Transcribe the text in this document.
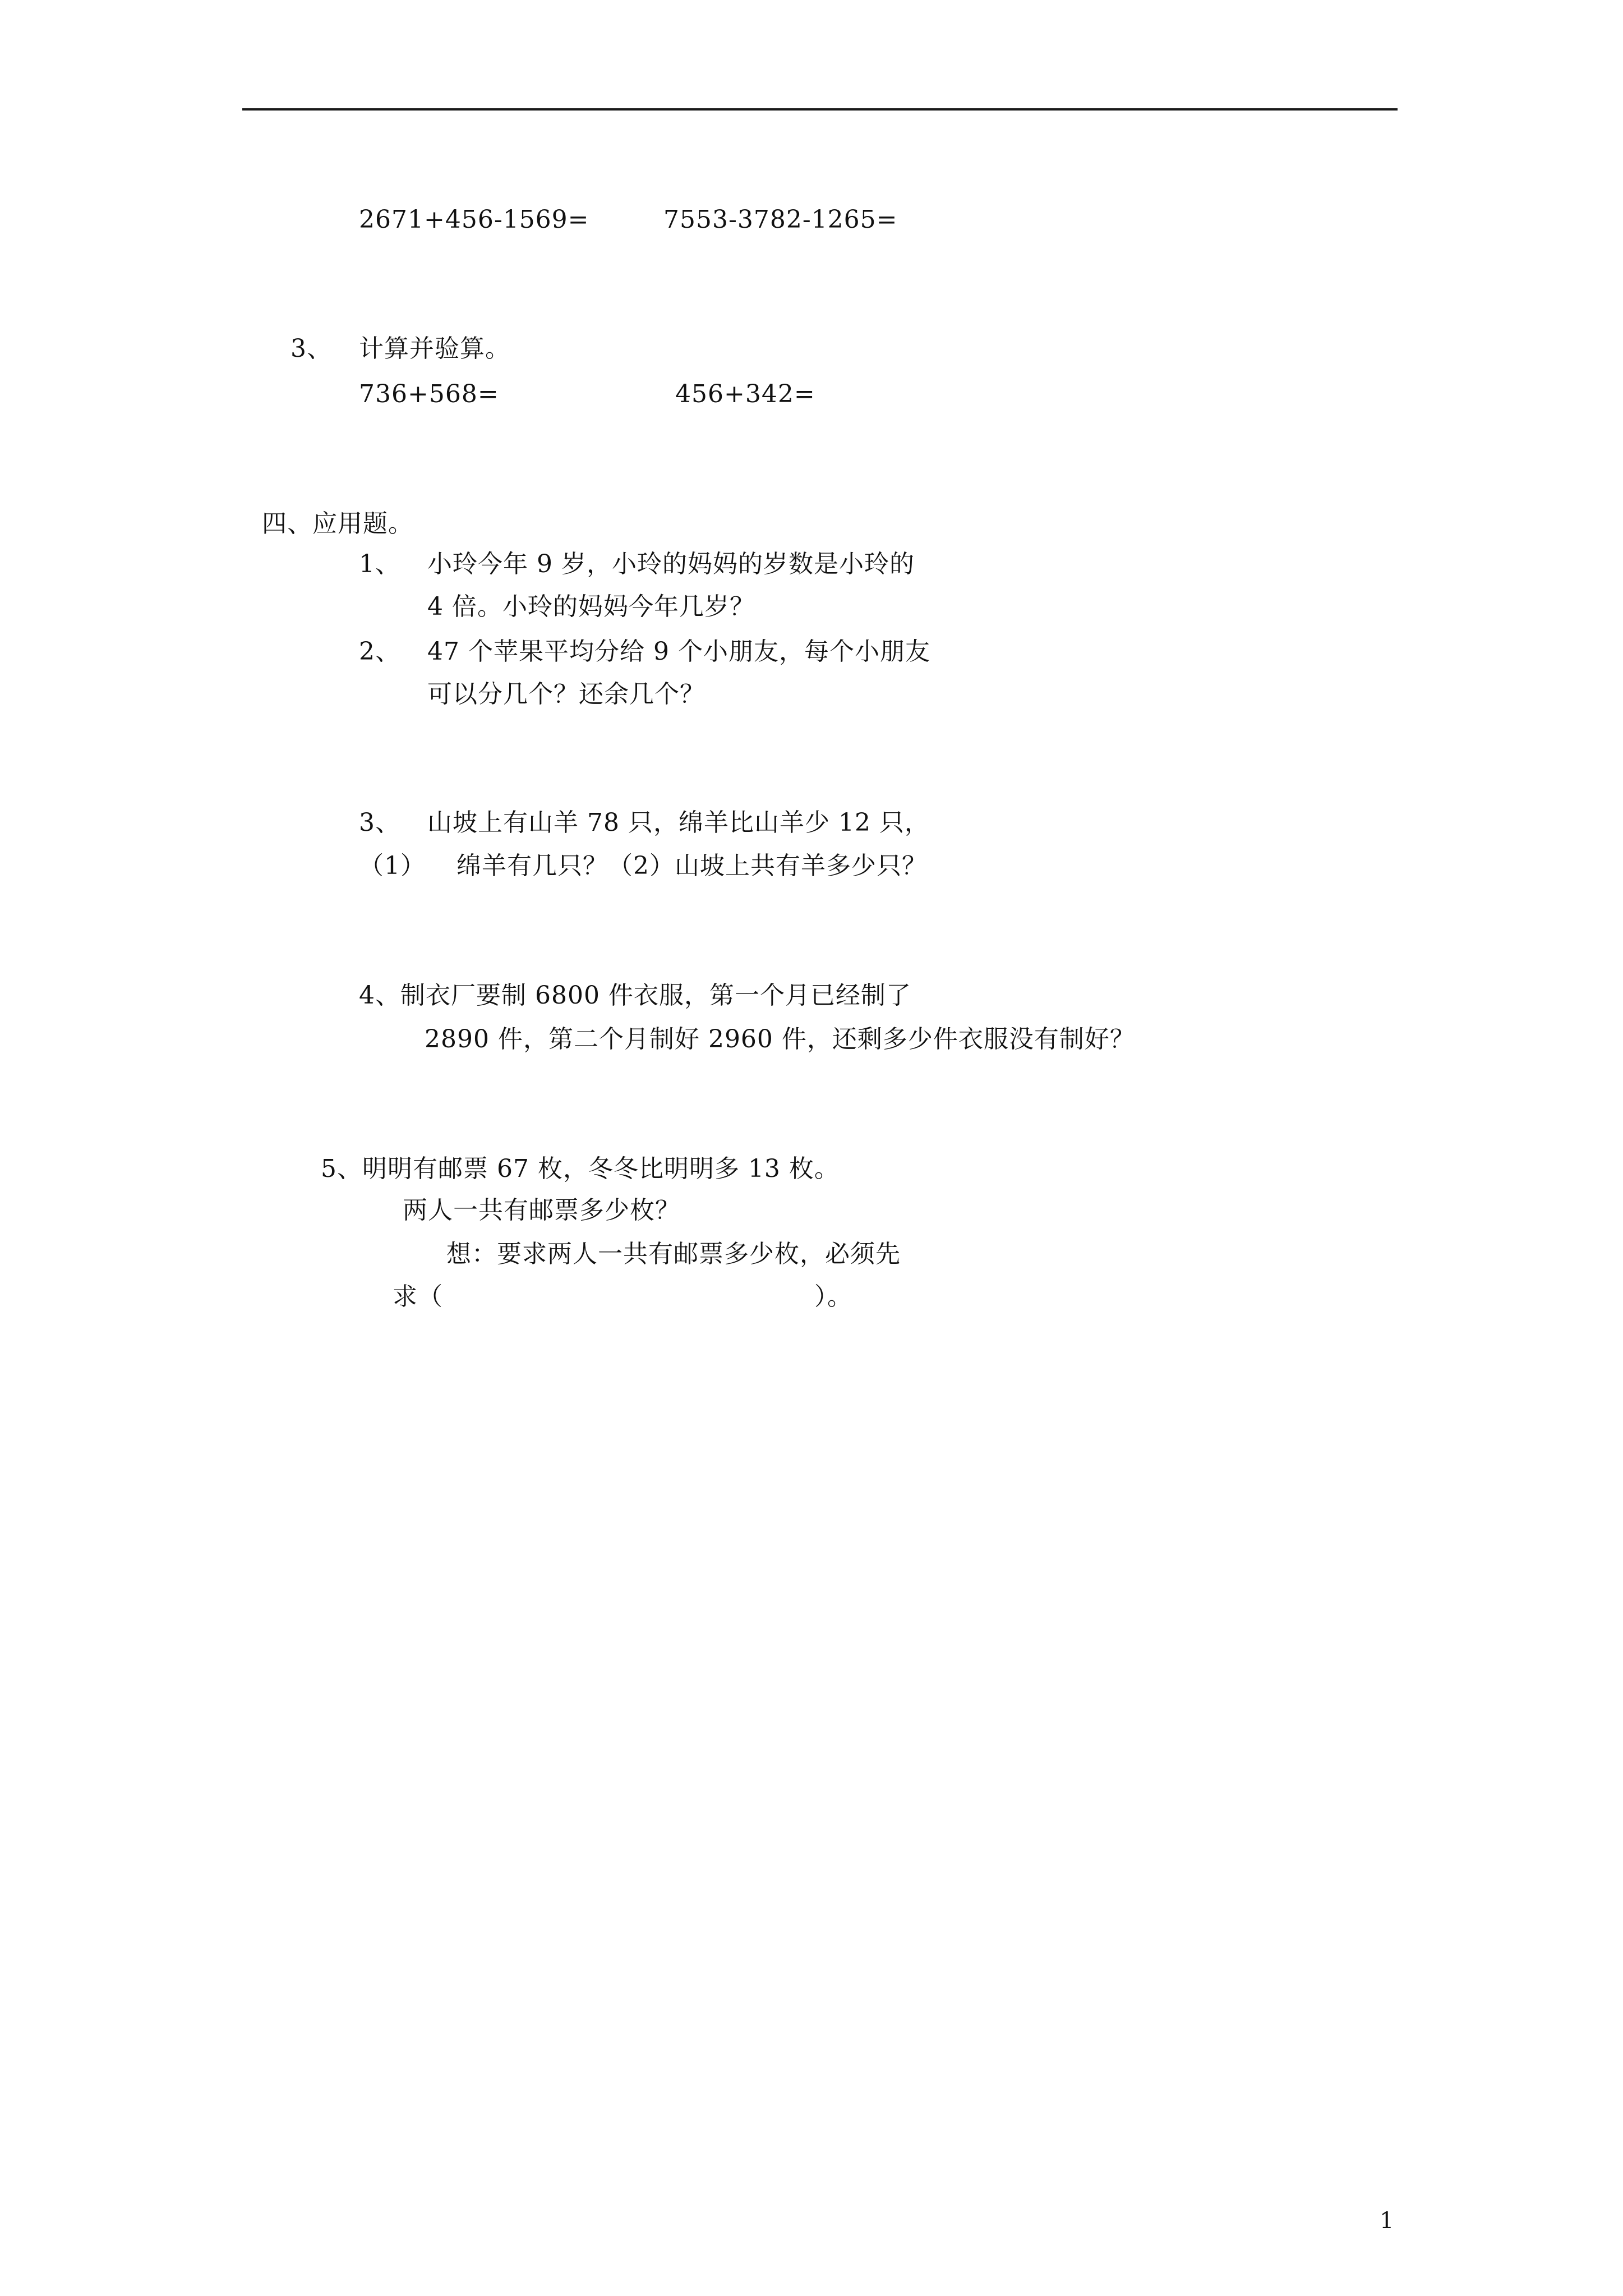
2671+456-1569=	7553-3782-1265=
3、 计算并验算。
736+568=	456+342=
四、应用题。
1、 小玲今年 9 岁，小玲的妈妈的岁数是小玲的
4 倍。小玲的妈妈今年几岁？
2、 47 个苹果平均分给 9 个小朋友，每个小朋友
可以分几个？还余几个？
3、 山坡上有山羊 78 只，绵羊比山羊少 12 只，
（1） 绵羊有几只？（2）山坡上共有羊多少只？
4、制衣厂要制 6800 件衣服，第一个月已经制了
2890 件，第二个月制好 2960 件，还剩多少件衣服没有制好？
5、明明有邮票 67 枚，冬冬比明明多 13 枚。
两人一共有邮票多少枚？
想：要求两人一共有邮票多少枚，必须先
求（	）。
1
